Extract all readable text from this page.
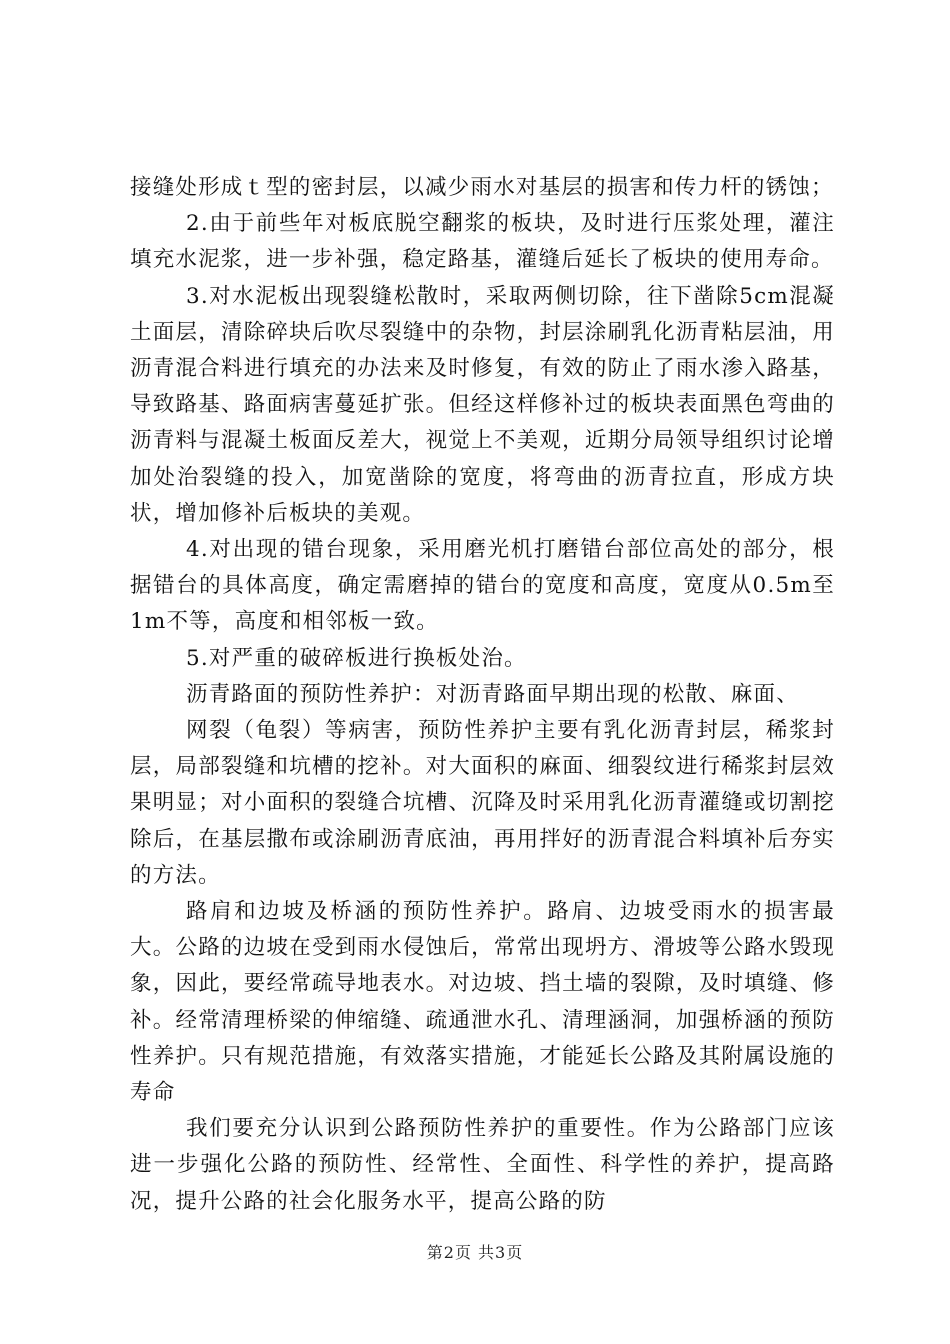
接缝处形成ｔ型的密封层，以减少雨水对基层的损害和传力杆的锈蚀；

2.由于前些年对板底脱空翻浆的板块，及时进行压浆处理，灌注填充水泥浆，进一步补强，稳定路基，灌缝后延长了板块的使用寿命。

3.对水泥板出现裂缝松散时，采取两侧切除，往下凿除5cm混凝土面层，清除碎块后吹尽裂缝中的杂物，封层涂刷乳化沥青粘层油，用沥青混合料进行填充的办法来及时修复，有效的防止了雨水渗入路基，导致路基、路面病害蔓延扩张。但经这样修补过的板块表面黑色弯曲的沥青料与混凝土板面反差大，视觉上不美观，近期分局领导组织讨论增加处治裂缝的投入，加宽凿除的宽度，将弯曲的沥青拉直，形成方块状，增加修补后板块的美观。

4.对出现的错台现象，采用磨光机打磨错台部位高处的部分，根据错台的具体高度，确定需磨掉的错台的宽度和高度，宽度从0.5m至1m不等，高度和相邻板一致。

5.对严重的破碎板进行换板处治。

沥青路面的预防性养护：对沥青路面早期出现的松散、麻面、

网裂（龟裂）等病害，预防性养护主要有乳化沥青封层，稀浆封层，局部裂缝和坑槽的挖补。对大面积的麻面、细裂纹进行稀浆封层效果明显；对小面积的裂缝合坑槽、沉降及时采用乳化沥青灌缝或切割挖除后，在基层撒布或涂刷沥青底油，再用拌好的沥青混合料填补后夯实的方法。

路肩和边坡及桥涵的预防性养护。路肩、边坡受雨水的损害最大。公路的边坡在受到雨水侵蚀后，常常出现坍方、滑坡等公路水毁现象，因此，要经常疏导地表水。对边坡、挡土墙的裂隙，及时填缝、修补。经常清理桥梁的伸缩缝、疏通泄水孔、清理涵洞，加强桥涵的预防性养护。只有规范措施，有效落实措施，才能延长公路及其附属设施的寿命

我们要充分认识到公路预防性养护的重要性。作为公路部门应该进一步强化公路的预防性、经常性、全面性、科学性的养护，提高路况，提升公路的社会化服务水平，提高公路的防

第2页 共3页
